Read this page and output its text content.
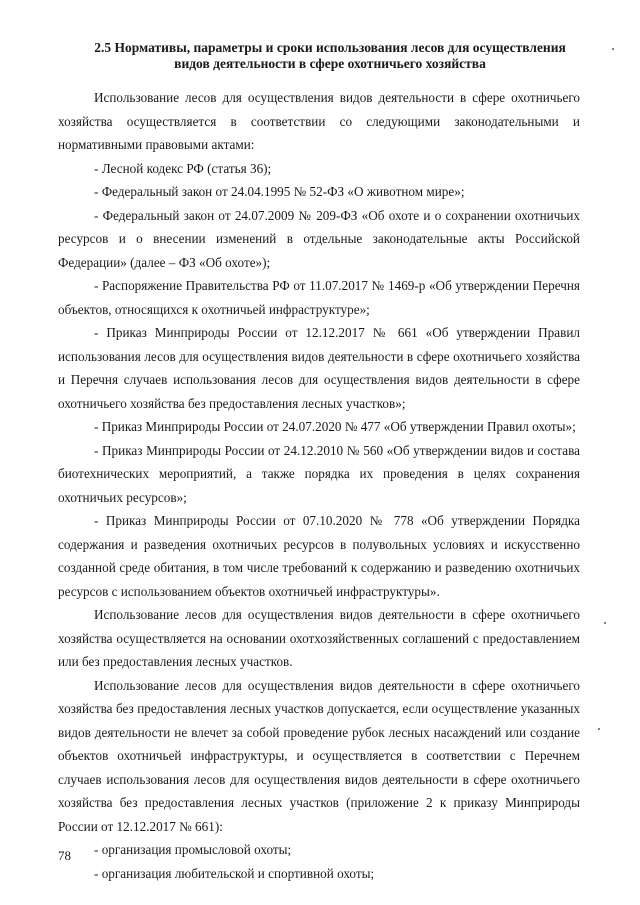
2.5 Нормативы, параметры и сроки использования лесов для осуществления
видов деятельности в сфере охотничьего хозяйства

Использование лесов для осуществления видов деятельности в сфере охотничьего хозяйства осуществляется в соответствии со следующими законодательными и нормативными правовыми актами:

- Лесной кодекс РФ (статья 36);

- Федеральный закон от 24.04.1995 № 52-ФЗ «О животном мире»;

- Федеральный закон от 24.07.2009 № 209-ФЗ «Об охоте и о сохранении охотничьих ресурсов и о внесении изменений в отдельные законодательные акты Российской Федерации» (далее – ФЗ «Об охоте»);

- Распоряжение Правительства РФ от 11.07.2017 № 1469-р «Об утверждении Перечня объектов, относящихся к охотничьей инфраструктуре»;

- Приказ Минприроды России от 12.12.2017 № 661 «Об утверждении Правил использования лесов для осуществления видов деятельности в сфере охотничьего хозяйства и Перечня случаев использования лесов для осуществления видов деятельности в сфере охотничьего хозяйства без предоставления лесных участков»;

- Приказ Минприроды России от 24.07.2020 № 477 «Об утверждении Правил охоты»;

- Приказ Минприроды России от 24.12.2010 № 560 «Об утверждении видов и состава биотехнических мероприятий, а также порядка их проведения в целях сохранения охотничьих ресурсов»;

- Приказ Минприроды России от 07.10.2020 № 778 «Об утверждении Порядка содержания и разведения охотничьих ресурсов в полувольных условиях и искусственно созданной среде обитания, в том числе требований к содержанию и разведению охотничьих ресурсов с использованием объектов охотничьей инфраструктуры».

Использование лесов для осуществления видов деятельности в сфере охотничьего хозяйства осуществляется на основании охотхозяйственных соглашений с предоставлением или без предоставления лесных участков.

Использование лесов для осуществления видов деятельности в сфере охотничьего хозяйства без предоставления лесных участков допускается, если осуществление указанных видов деятельности не влечет за собой проведение рубок лесных насаждений или создание объектов охотничьей инфраструктуры, и осуществляется в соответствии с Перечнем случаев использования лесов для осуществления видов деятельности в сфере охотничьего хозяйства без предоставления лесных участков (приложение 2 к приказу Минприроды России от 12.12.2017 № 661):

- организация промысловой охоты;

- организация любительской и спортивной охоты;

78
